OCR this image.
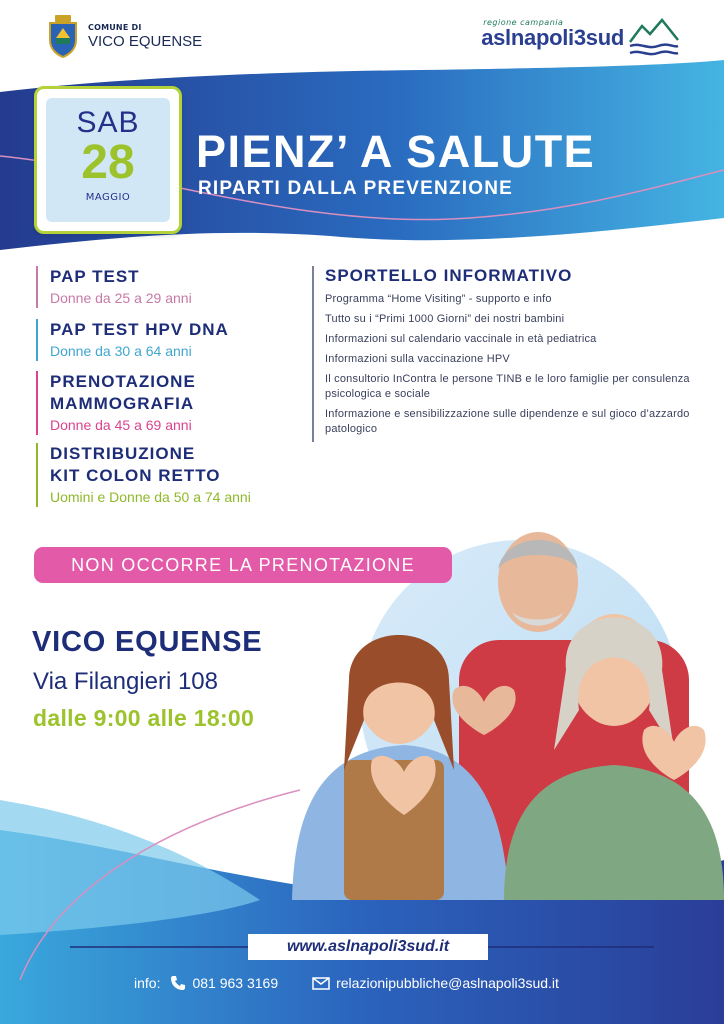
COMUNE DI
VICO EQUENSE
regione campania
aslnapoli3sud
SAB
28
MAGGIO
PIENZ’ A SALUTE
RIPARTI DALLA PREVENZIONE
PAP TEST
Donne da 25 a 29 anni
PAP TEST HPV DNA
Donne da 30 a 64 anni
PRENOTAZIONE
MAMMOGRAFIA
Donne da 45 a 69 anni
DISTRIBUZIONE
KIT COLON RETTO
Uomini e Donne da 50 a 74 anni
SPORTELLO INFORMATIVO
Programma “Home Visiting” - supporto e info
Tutto su i “Primi 1000 Giorni” dei nostri bambini
Informazioni sul calendario vaccinale in età pediatrica
Informazioni sulla vaccinazione HPV
Il consultorio InContra le persone TINB e le loro famiglie per consulenza psicologica e sociale
Informazione e sensibilizzazione sulle dipendenze e sul gioco d’azzardo patologico
NON OCCORRE LA PRENOTAZIONE
VICO EQUENSE
Via Filangieri 108
dalle 9:00 alle 18:00
www.aslnapoli3sud.it
info: 081 963 3169	relazionipubbliche@aslnapoli3sud.it
